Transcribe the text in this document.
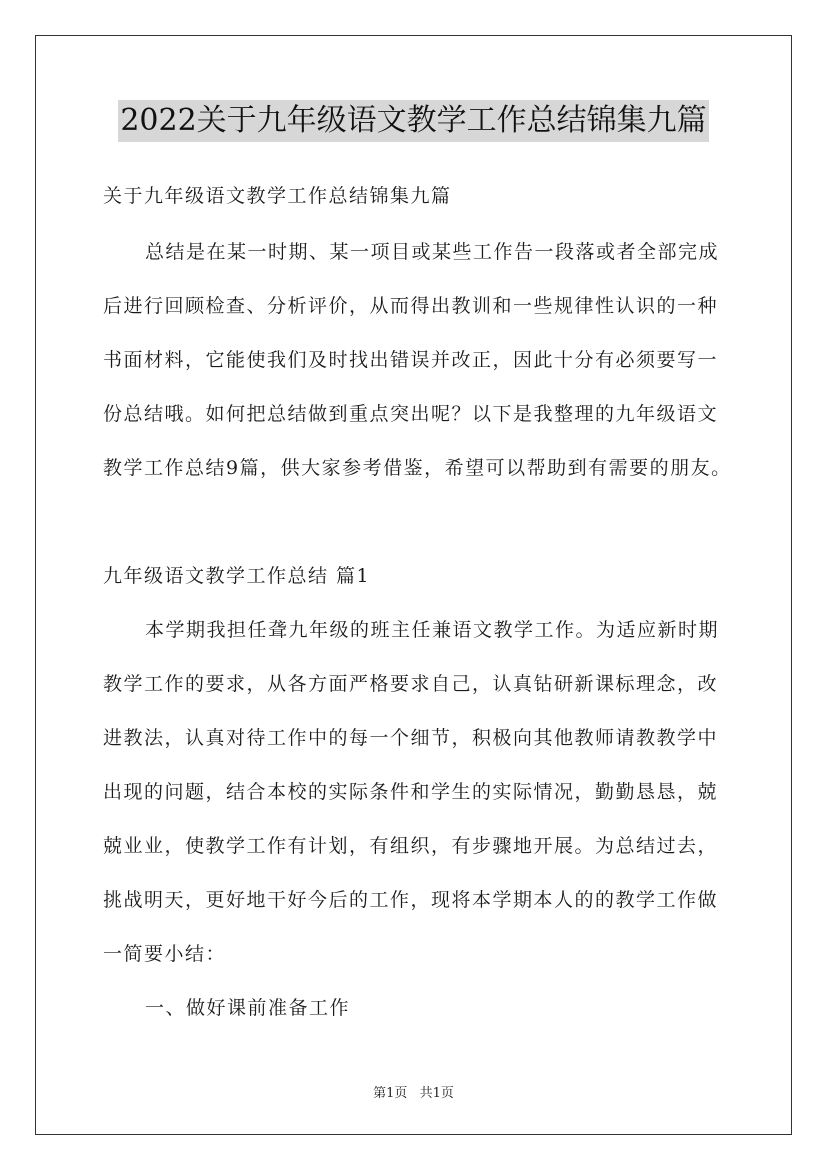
2022关于九年级语文教学工作总结锦集九篇
关于九年级语文教学工作总结锦集九篇
总结是在某一时期、某一项目或某些工作告一段落或者全部完成
后进行回顾检查、分析评价，从而得出教训和一些规律性认识的一种
书面材料，它能使我们及时找出错误并改正，因此十分有必须要写一
份总结哦。如何把总结做到重点突出呢？以下是我整理的九年级语文
教学工作总结9篇，供大家参考借鉴，希望可以帮助到有需要的朋友。
九年级语文教学工作总结 篇1
本学期我担任聋九年级的班主任兼语文教学工作。为适应新时期
教学工作的要求，从各方面严格要求自己，认真钻研新课标理念，改
进教法，认真对待工作中的每一个细节，积极向其他教师请教教学中
出现的问题，结合本校的实际条件和学生的实际情况，勤勤恳恳，兢
兢业业，使教学工作有计划，有组织，有步骤地开展。为总结过去，
挑战明天，更好地干好今后的工作，现将本学期本人的的教学工作做
一简要小结：
一、做好课前准备工作
第1页 共1页
